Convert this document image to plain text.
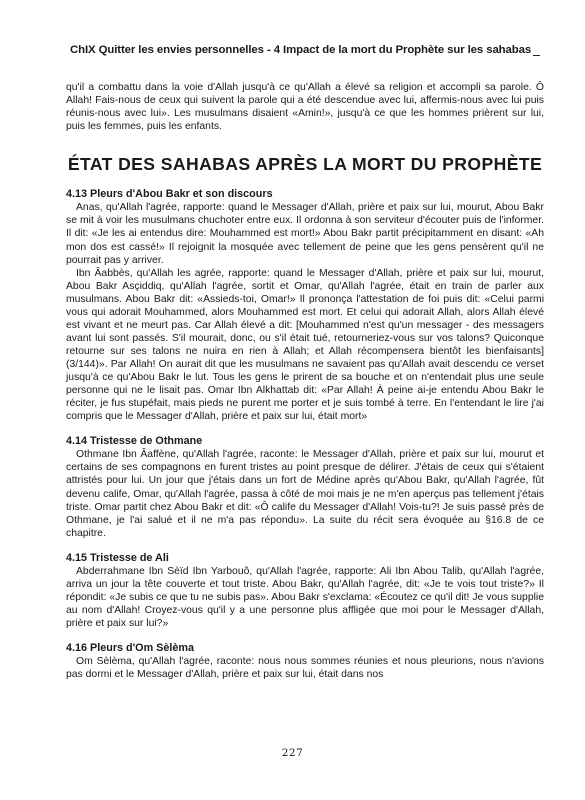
ChIX Quitter les envies personnelles - 4 Impact de la mort du Prophète sur les sahabas

qu'il a combattu dans la voie d'Allah jusqu'à ce qu'Allah a élevé sa religion et accompli sa parole. Ô Allah! Fais-nous de ceux qui suivent la parole qui a été descendue avec lui, affermis-nous avec lui puis réunis-nous avec lui». Les musulmans disaient «Amin!», jusqu'à ce que les hommes prièrent sur lui, puis les femmes, puis les enfants.

ÉTAT DES SAHABAS APRÈS LA MORT DU PROPHÈTE
4.13 Pleurs d'Abou Bakr et son discours

Anas, qu'Allah l'agrée, rapporte: quand le Messager d'Allah, prière et paix sur lui, mourut, Abou Bakr se mit à voir les musulmans chuchoter entre eux. Il ordonna à son serviteur d'écouter puis de l'informer. Il dit: «Je les ai entendus dire: Mouhammed est mort!» Abou Bakr partit précipitamment en disant: «Ah mon dos est cassé!» Il rejoignit la mosquée avec tellement de peine que les gens pensèrent qu'il ne pourrait pas y arriver.

Ibn Âabbès, qu'Allah les agrée, rapporte: quand le Messager d'Allah, prière et paix sur lui, mourut, Abou Bakr Asçiddiq, qu'Allah l'agrée, sortit et Omar, qu'Allah l'agrée, était en train de parler aux musulmans. Abou Bakr dit: «Assieds-toi, Omar!» Il prononça l'attestation de foi puis dit: «Celui parmi vous qui adorait Mouhammed, alors Mouhammed est mort. Et celui qui adorait Allah, alors Allah élevé est vivant et ne meurt pas. Car Allah élevé a dit: [Mouhammed n'est qu'un messager - des messagers avant lui sont passés. S'il mourait, donc, ou s'il était tué, retourneriez-vous sur vos talons? Quiconque retourne sur ses talons ne nuira en rien à Allah; et Allah récompensera bientôt les bienfaisants] (3/144)». Par Allah! On aurait dit que les musulmans ne savaient pas qu'Allah avait descendu ce verset jusqu'à ce qu'Abou Bakr le lut. Tous les gens le prirent de sa bouche et on n'entendait plus une seule personne qui ne le lisait pas. Omar Ibn Alkhattab dit: «Par Allah! À peine ai-je entendu Abou Bakr le réciter, je fus stupéfait, mais pieds ne purent me porter et je suis tombé à terre. En l'entendant le lire j'ai compris que le Messager d'Allah, prière et paix sur lui, était mort»

4.14 Tristesse de Othmane

Othmane Ibn Âaffène, qu'Allah l'agrée, raconte: le Messager d'Allah, prière et paix sur lui, mourut et certains de ses compagnons en furent tristes au point presque de délirer. J'étais de ceux qui s'étaient attristés pour lui. Un jour que j'étais dans un fort de Médine après qu'Abou Bakr, qu'Allah l'agrée, fût devenu calife, Omar, qu'Allah l'agrée, passa à côté de moi mais je ne m'en aperçus pas tellement j'étais triste. Omar partit chez Abou Bakr et dit: «Ô calife du Messager d'Allah! Vois-tu?! Je suis passé près de Othmane, je l'ai salué et il ne m'a pas répondu». La suite du récit sera évoquée au §16.8 de ce chapitre.

4.15 Tristesse de Ali

Abderrahmane Ibn Sèïd Ibn Yarbouô, qu'Allah l'agrée, rapporte: Ali Ibn Abou Talib, qu'Allah l'agrée, arriva un jour la tête couverte et tout triste. Abou Bakr, qu'Allah l'agrée, dit: «Je te vois tout triste?» Il répondit: «Je subis ce que tu ne subis pas». Abou Bakr s'exclama: «Écoutez ce qu'il dit! Je vous supplie au nom d'Allah! Croyez-vous qu'il y a une personne plus affligée que moi pour le Messager d'Allah, prière et paix sur lui?»

4.16 Pleurs d'Om Sèlèma

Om Sèlèma, qu'Allah l'agrée, raconte: nous nous sommes réunies et nous pleurions, nous n'avions pas dormi et le Messager d'Allah, prière et paix sur lui, était dans nos

227
